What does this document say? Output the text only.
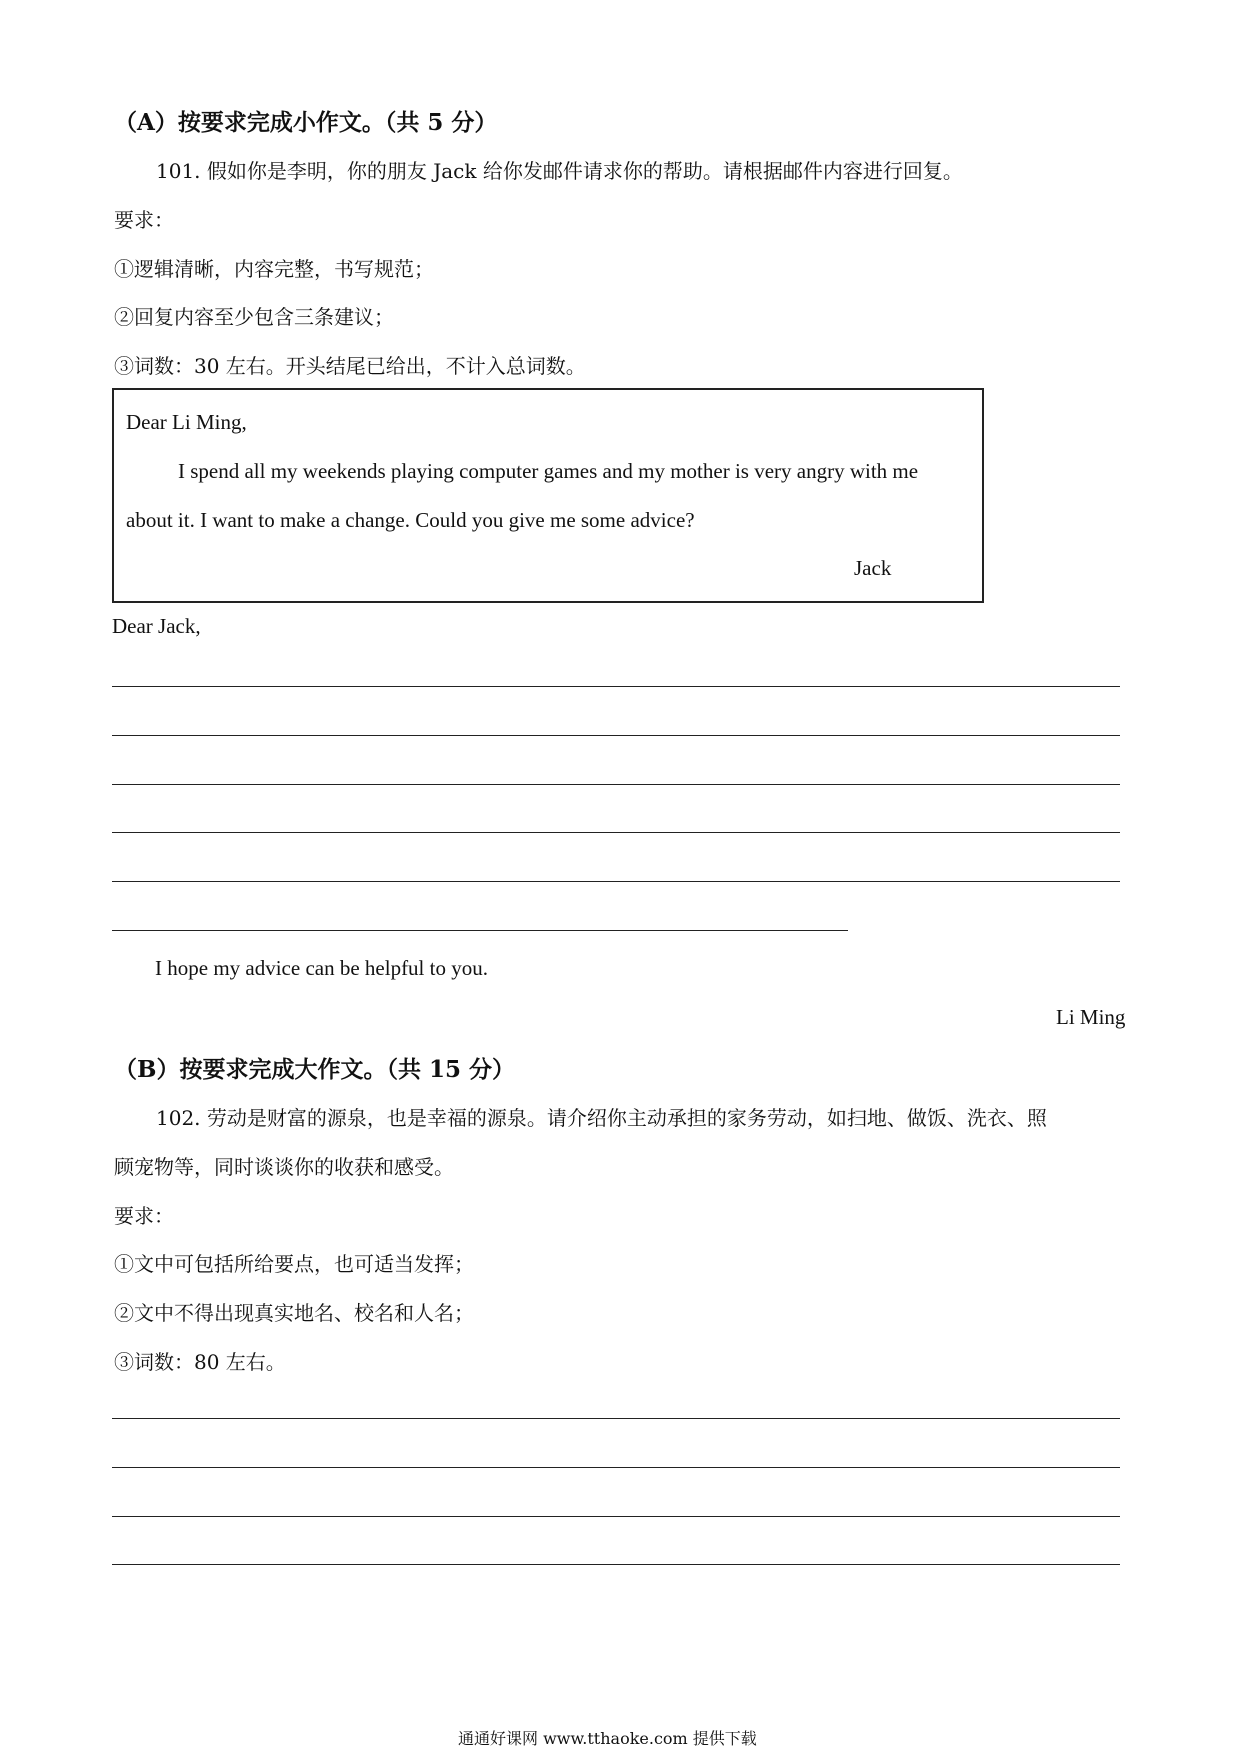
（A）按要求完成小作文。（共 5 分）
101. 假如你是李明，你的朋友 Jack 给你发邮件请求你的帮助。请根据邮件内容进行回复。
要求：
①逻辑清晰，内容完整，书写规范；
②回复内容至少包含三条建议；
③词数：30 左右。开头结尾已给出，不计入总词数。
Dear Li Ming,
I spend all my weekends playing computer games and my mother is very angry with me
about it. I want to make a change. Could you give me some advice?
Jack
Dear Jack,
I hope my advice can be helpful to you.
Li Ming
（B）按要求完成大作文。（共 15 分）
102. 劳动是财富的源泉，也是幸福的源泉。请介绍你主动承担的家务劳动，如扫地、做饭、洗衣、照
顾宠物等，同时谈谈你的收获和感受。
要求：
①文中可包括所给要点，也可适当发挥；
②文中不得出现真实地名、校名和人名；
③词数：80 左右。
通通好课网 www.tthaoke.com 提供下载
